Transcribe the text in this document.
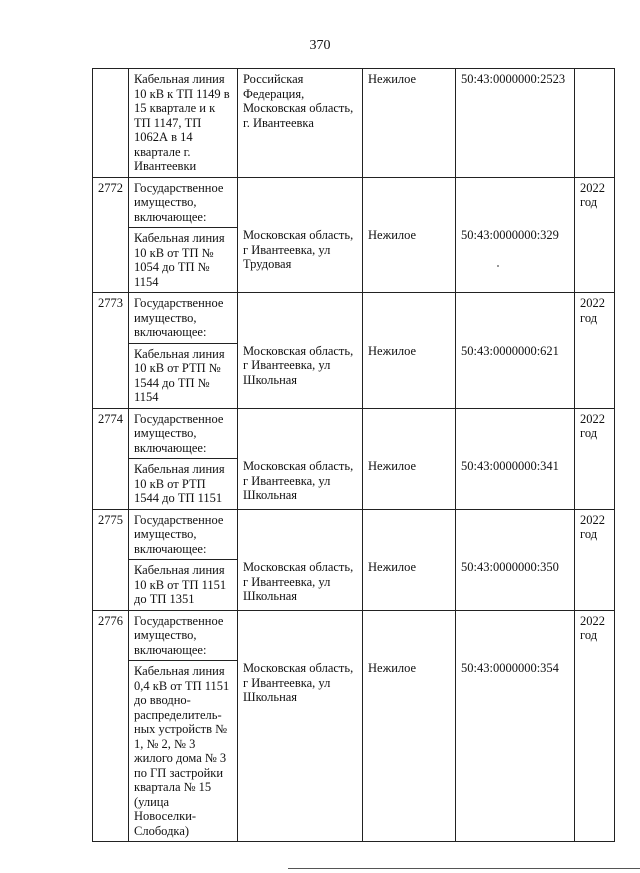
370
	Кабельная линия 10 кВ к ТП 1149 в 15 квартале и к ТП 1147, ТП 1062А в 14 квартале г. Ивантеевки	Российская Федерация, Московская область, г. Ивантеевка	Нежилое	50:43:0000000:2523	
2772	Государственное имущество, включающее:	Московская область, г Ивантеевка, ул Трудовая	Нежилое	50:43:0000000:329	2022 год
	Кабельная линия 10 кВ от ТП № 1054 до ТП № 1154				
2773	Государственное имущество, включающее:	Московская область, г Ивантеевка, ул Школьная	Нежилое	50:43:0000000:621	2022 год
	Кабельная линия 10 кВ от РТП № 1544 до ТП № 1154				
2774	Государственное имущество, включающее:	Московская область, г Ивантеевка, ул Школьная	Нежилое	50:43:0000000:341	2022 год
	Кабельная линия 10 кВ от РТП 1544 до ТП 1151				
2775	Государственное имущество, включающее:	Московская область, г Ивантеевка, ул Школьная	Нежилое	50:43:0000000:350	2022 год
	Кабельная линия 10 кВ от ТП 1151 до ТП 1351				
2776	Государственное имущество, включающее:	Московская область, г Ивантеевка, ул Школьная	Нежилое	50:43:0000000:354	2022 год
	Кабельная линия 0,4 кВ от ТП 1151 до вводно-распределитель-ных устройств № 1, № 2, № 3 жилого дома № 3 по ГП застройки квартала № 15 (улица Новоселки-Слободка)				
